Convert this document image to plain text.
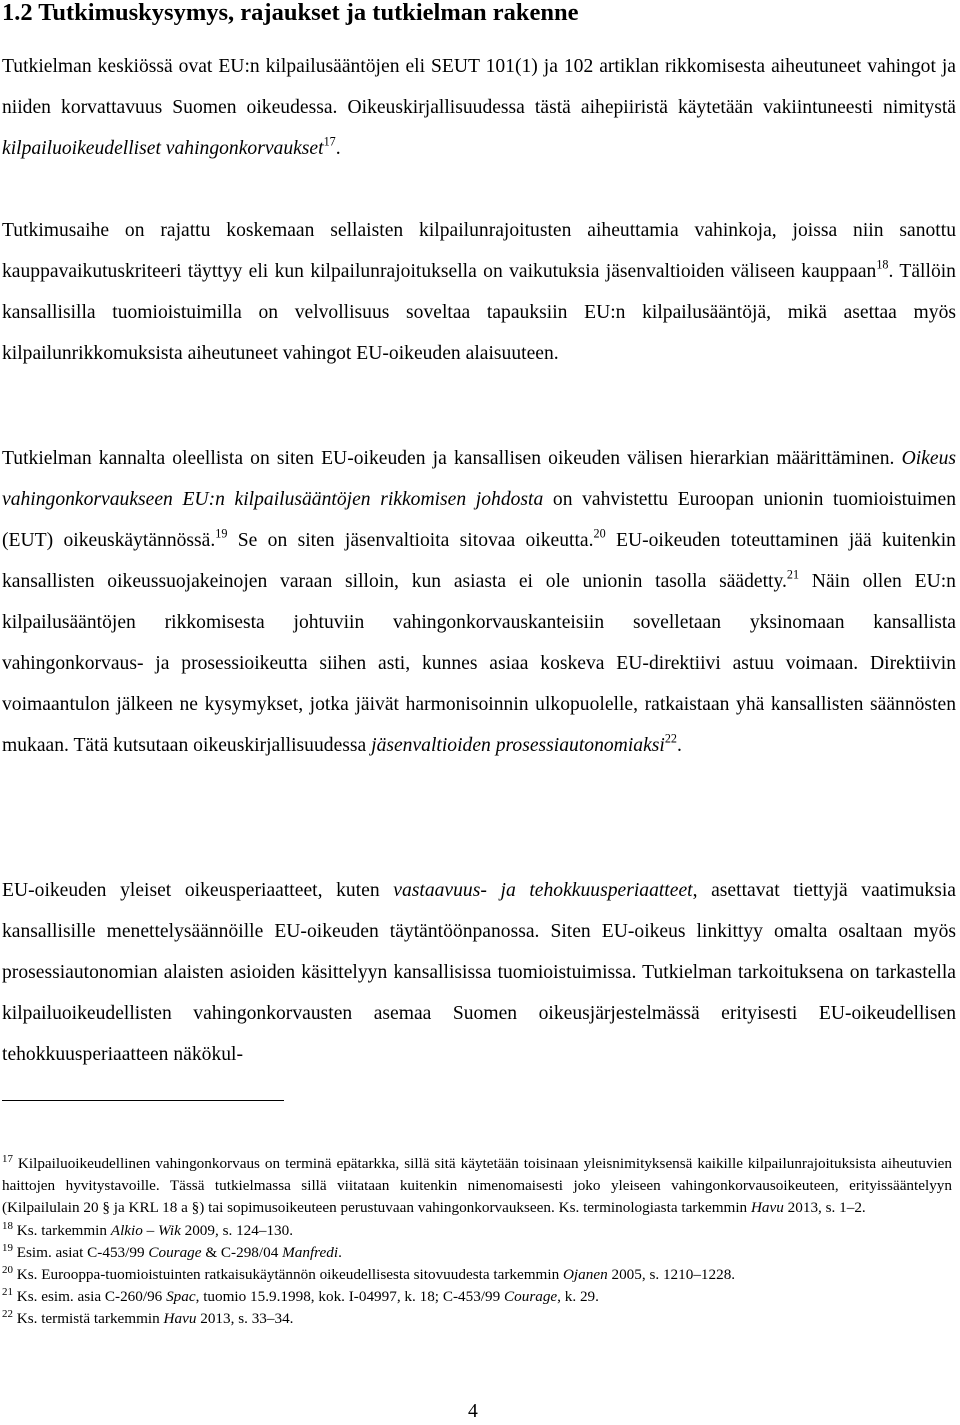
1.2 Tutkimuskysymys, rajaukset ja tutkielman rakenne

Tutkielman keskiössä ovat EU:n kilpailusääntöjen eli SEUT 101(1) ja 102 artiklan rikkomisesta aiheutuneet vahingot ja niiden korvattavuus Suomen oikeudessa. Oikeuskirjallisuudessa tästä aihepiiristä käytetään vakiintuneesti nimitystä kilpailuoikeudelliset vahingonkorvaukset$^{17}$.

Tutkimusaihe on rajattu koskemaan sellaisten kilpailunrajoitusten aiheuttamia vahinkoja, joissa niin sanottu kauppavaikutuskriteeri täyttyy eli kun kilpailunrajoituksella on vaikutuksia jäsenvaltioiden väliseen kauppaan$^{18}$. Tällöin kansallisilla tuomioistuimilla on velvollisuus soveltaa tapauksiin EU:n kilpailusääntöjä, mikä asettaa myös kilpailunrikkomuksista aiheutuneet vahingot EU-oikeuden alaisuuteen.

Tutkielman kannalta oleellista on siten EU-oikeuden ja kansallisen oikeuden välisen hierarkian määrittäminen. Oikeus vahingonkorvaukseen EU:n kilpailusääntöjen rikkomisen johdosta on vahvistettu Euroopan unionin tuomioistuimen (EUT) oikeuskäytännössä.$^{19}$ Se on siten jäsenvaltioita sitovaa oikeutta.$^{20}$ EU-oikeuden toteuttaminen jää kuitenkin kansallisten oikeussuojakeinojen varaan silloin, kun asiasta ei ole unionin tasolla säädetty.$^{21}$ Näin ollen EU:n kilpailusääntöjen rikkomisesta johtuviin vahingonkorvauskanteisiin sovelletaan yksinomaan kansallista vahingonkorvaus- ja prosessioikeutta siihen asti, kunnes asiaa koskeva EU-direktiivi astuu voimaan. Direktiivin voimaantulon jälkeen ne kysymykset, jotka jäivät harmonisoinnin ulkopuolelle, ratkaistaan yhä kansallisten säännösten mukaan. Tätä kutsutaan oikeuskirjallisuudessa jäsenvaltioiden prosessiautonomiaksi$^{22}$.

EU-oikeuden yleiset oikeusperiaatteet, kuten vastaavuus- ja tehokkuusperiaatteet, asettavat tiettyjä vaatimuksia kansallisille menettelysäännöille EU-oikeuden täytäntöönpanossa. Siten EU-oikeus linkittyy omalta osaltaan myös prosessiautonomian alaisten asioiden käsittelyyn kansallisissa tuomioistuimissa. Tutkielman tarkoituksena on tarkastella kilpailuoikeudellisten vahingonkorvausten asemaa Suomen oikeusjärjestelmässä erityisesti EU-oikeudellisen tehokkuusperiaatteen näkökul-

$^{17}$ Kilpailuoikeudellinen vahingonkorvaus on terminä epätarkka, sillä sitä käytetään toisinaan yleisnimityksensä kaikille kilpailunrajoituksista aiheutuvien haittojen hyvitystavoille. Tässä tutkielmassa sillä viitataan kuitenkin nimenomaisesti joko yleiseen vahingonkorvausoikeuteen, erityissääntelyyn (Kilpailulain 20 § ja KRL 18 a §) tai sopimusoikeuteen perustuvaan vahingonkorvaukseen. Ks. terminologiasta tarkemmin Havu 2013, s. 1–2.

$^{18}$ Ks. tarkemmin Alkio – Wik 2009, s. 124–130.

$^{19}$ Esim. asiat C-453/99 Courage & C-298/04 Manfredi.

$^{20}$ Ks. Eurooppa-tuomioistuinten ratkaisukäytännön oikeudellisesta sitovuudesta tarkemmin Ojanen 2005, s. 1210–1228.

$^{21}$ Ks. esim. asia C-260/96 Spac, tuomio 15.9.1998, kok. I-04997, k. 18; C-453/99 Courage, k. 29.

$^{22}$ Ks. termistä tarkemmin Havu 2013, s. 33–34.

4
